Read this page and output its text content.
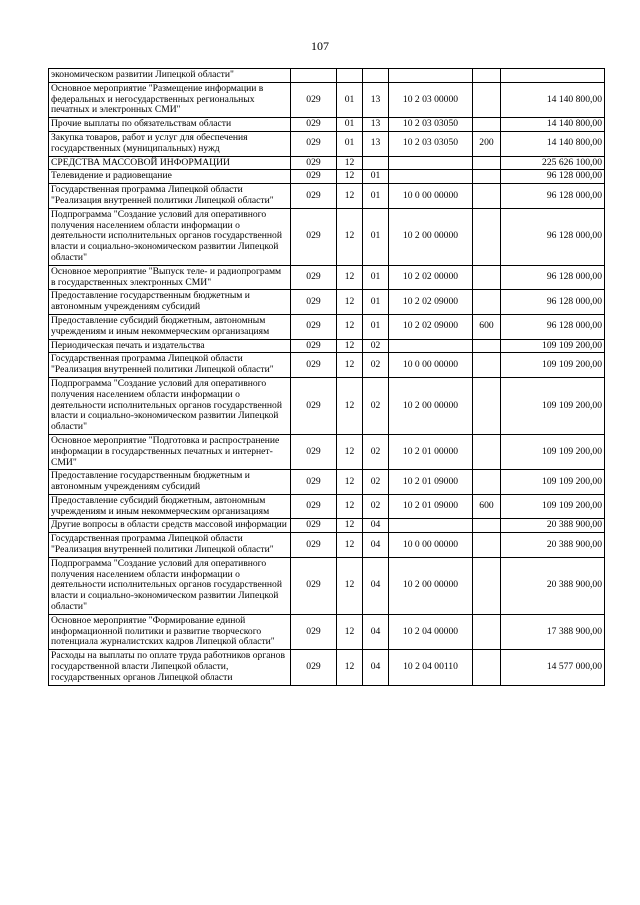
107
экономическом развитии Липецкой области"						
Основное мероприятие "Размещение информации в федеральных и негосударственных региональных печатных и электронных СМИ"	029	01	13	10 2 03 00000		14 140 800,00
Прочие выплаты по обязательствам области	029	01	13	10 2 03 03050		14 140 800,00
Закупка товаров, работ и услуг для обеспечения государственных (муниципальных) нужд	029	01	13	10 2 03 03050	200	14 140 800,00
СРЕДСТВА МАССОВОЙ ИНФОРМАЦИИ	029	12				225 626 100,00
Телевидение и радиовещание	029	12	01			96 128 000,00
Государственная программа Липецкой области "Реализация внутренней политики Липецкой области"	029	12	01	10 0 00 00000		96 128 000,00
Подпрограмма "Создание условий для оперативного получения населением области информации о деятельности исполнительных органов государственной власти и социально-экономическом развитии Липецкой области"	029	12	01	10 2 00 00000		96 128 000,00
Основное мероприятие "Выпуск теле- и радиопрограмм в государственных электронных СМИ"	029	12	01	10 2 02 00000		96 128 000,00
Предоставление государственным бюджетным и автономным учреждениям субсидий	029	12	01	10 2 02 09000		96 128 000,00
Предоставление субсидий бюджетным, автономным учреждениям и иным некоммерческим организациям	029	12	01	10 2 02 09000	600	96 128 000,00
Периодическая печать и издательства	029	12	02			109 109 200,00
Государственная программа Липецкой области "Реализация внутренней политики Липецкой области"	029	12	02	10 0 00 00000		109 109 200,00
Подпрограмма "Создание условий для оперативного получения населением области информации о деятельности исполнительных органов государственной власти и социально-экономическом развитии Липецкой области"	029	12	02	10 2 00 00000		109 109 200,00
Основное мероприятие "Подготовка и распространение информации в государственных печатных и интернет-СМИ"	029	12	02	10 2 01 00000		109 109 200,00
Предоставление государственным бюджетным и автономным учреждениям субсидий	029	12	02	10 2 01 09000		109 109 200,00
Предоставление субсидий бюджетным, автономным учреждениям и иным некоммерческим организациям	029	12	02	10 2 01 09000	600	109 109 200,00
Другие вопросы в области средств массовой информации	029	12	04			20 388 900,00
Государственная программа Липецкой области "Реализация внутренней политики Липецкой области"	029	12	04	10 0 00 00000		20 388 900,00
Подпрограмма "Создание условий для оперативного получения населением области информации о деятельности исполнительных органов государственной власти и социально-экономическом развитии Липецкой области"	029	12	04	10 2 00 00000		20 388 900,00
Основное мероприятие "Формирование единой информационной политики и развитие творческого потенциала журналистских кадров Липецкой области"	029	12	04	10 2 04 00000		17 388 900,00
Расходы на выплаты по оплате труда работников органов государственной власти Липецкой области, государственных органов Липецкой области	029	12	04	10 2 04 00110		14 577 000,00
